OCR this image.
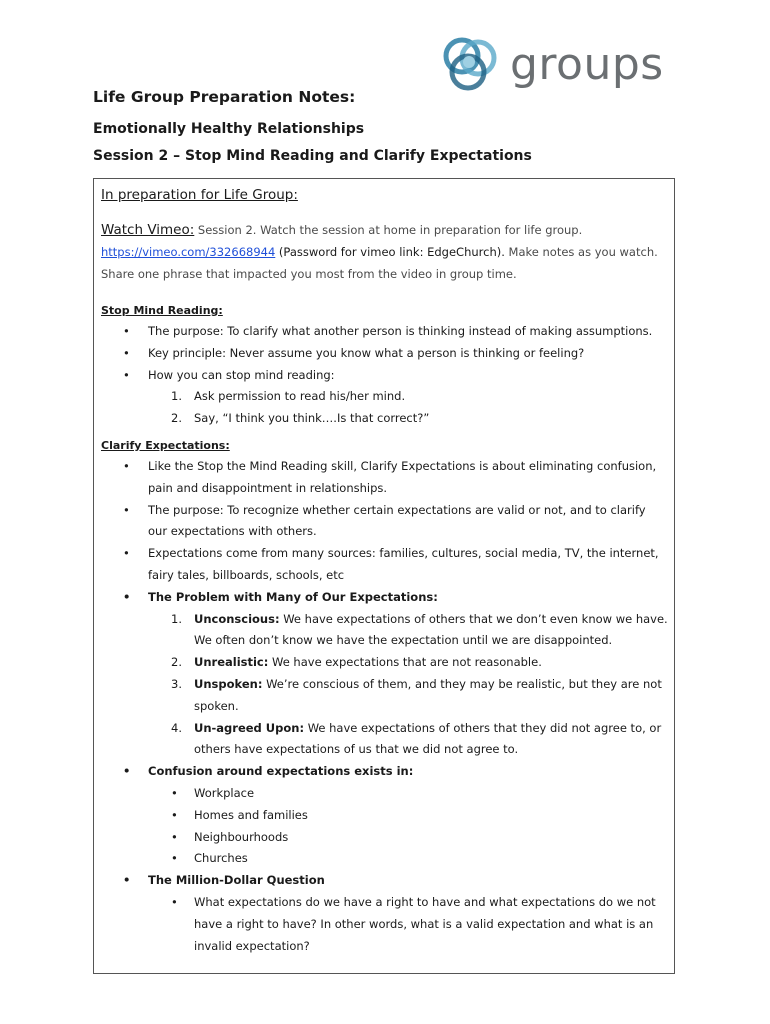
groups
Life Group Preparation Notes:
Emotionally Healthy Relationships
Session 2 – Stop Mind Reading and Clarify Expectations
In preparation for Life Group:
Watch Vimeo: Session 2. Watch the session at home in preparation for life group.
https://vimeo.com/332668944 (Password for vimeo link: EdgeChurch). Make notes as you watch.
Share one phrase that impacted you most from the video in group time.
Stop Mind Reading:
• The purpose: To clarify what another person is thinking instead of making assumptions.
• Key principle: Never assume you know what a person is thinking or feeling?
• How you can stop mind reading:
1. Ask permission to read his/her mind.
2. Say, “I think you think….Is that correct?”
Clarify Expectations:
• Like the Stop the Mind Reading skill, Clarify Expectations is about eliminating confusion,
pain and disappointment in relationships.
• The purpose: To recognize whether certain expectations are valid or not, and to clarify
our expectations with others.
• Expectations come from many sources: families, cultures, social media, TV, the internet,
fairy tales, billboards, schools, etc
• The Problem with Many of Our Expectations:
1. Unconscious: We have expectations of others that we don’t even know we have.
We often don’t know we have the expectation until we are disappointed.
2. Unrealistic: We have expectations that are not reasonable.
3. Unspoken: We’re conscious of them, and they may be realistic, but they are not
spoken.
4. Un-agreed Upon: We have expectations of others that they did not agree to, or
others have expectations of us that we did not agree to.
• Confusion around expectations exists in:
• Workplace
• Homes and families
• Neighbourhoods
• Churches
• The Million-Dollar Question
• What expectations do we have a right to have and what expectations do we not
have a right to have? In other words, what is a valid expectation and what is an
invalid expectation?
